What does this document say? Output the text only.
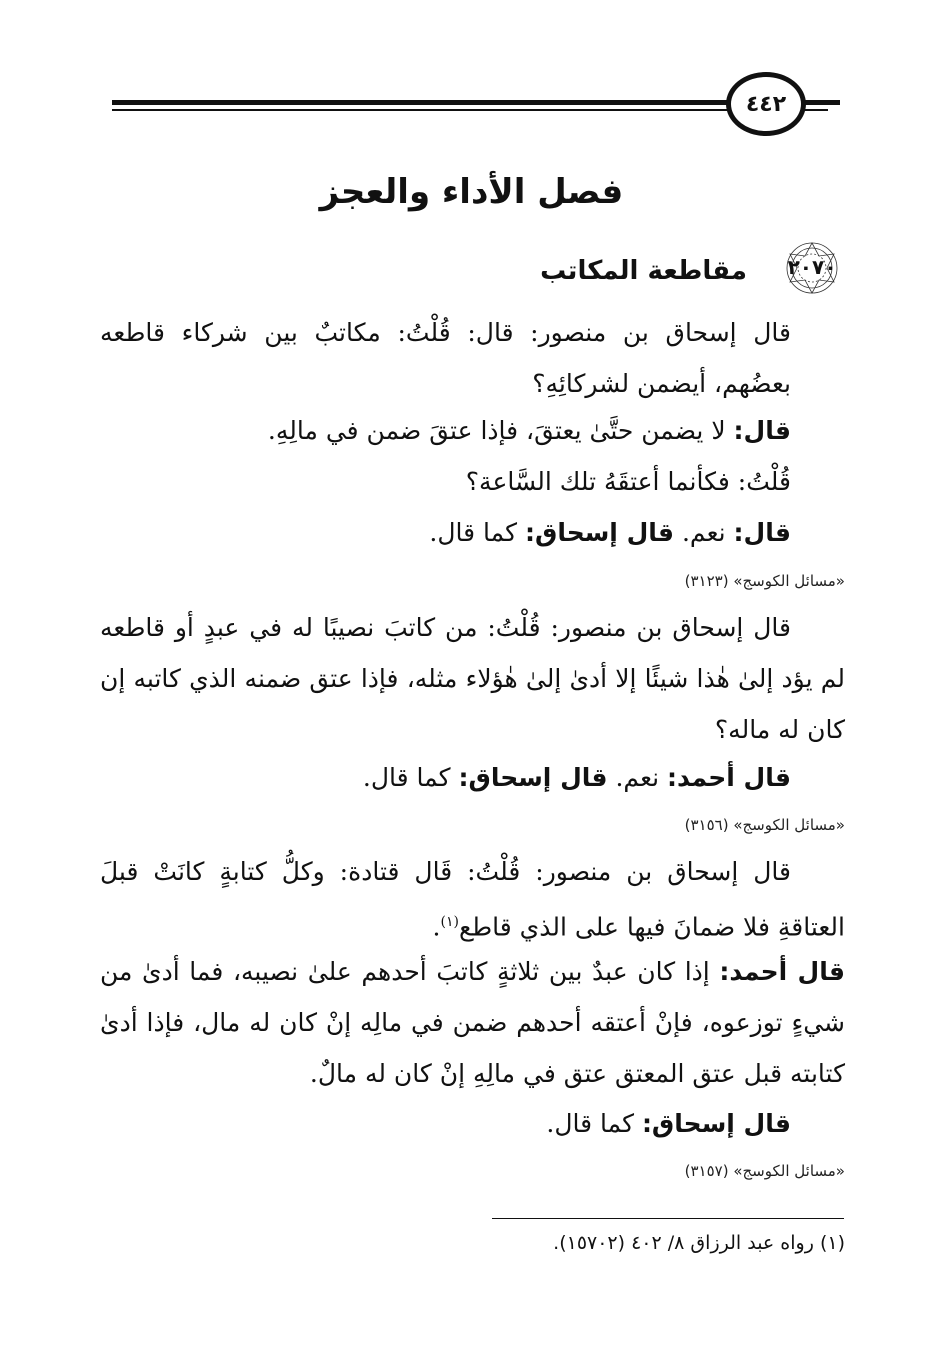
٤٤٢
فصل الأداء والعجز
٢٠٧٠
مقاطعة المكاتب

قال إسحاق بن منصور: قال: قُلْتُ: مكاتبٌ بين شركاء قاطعه بعضُهم، أيضمن لشركائِهِ؟

قال: لا يضمن حتَّىٰ يعتقَ، فإذا عتقَ ضمن في مالِهِ.
قُلْتُ: فكأنما أعتقَهُ تلك السَّاعة؟
قال: نعم. قال إسحاق: كما قال.
«مسائل الكوسج» (٣١٢٣)

قال إسحاق بن منصور: قُلْتُ: من كاتبَ نصيبًا له في عبدٍ أو قاطعه لم يؤد إلىٰ هٰذا شيئًا إلا أدىٰ إلىٰ هٰؤلاء مثله، فإذا عتق ضمنه الذي كاتبه إن كان له ماله؟

قال أحمد: نعم. قال إسحاق: كما قال.
«مسائل الكوسج» (٣١٥٦)

قال إسحاق بن منصور: قُلْتُ: قَال قتادة: وكلُّ كتابةٍ كانَتْ قبلَ العتاقةِ فلا ضمانَ فيها على الذي قاطع$^{(١)}$.

قال أحمد: إذا كان عبدٌ بين ثلاثةٍ كاتبَ أحدهم علىٰ نصيبه، فما أدىٰ من شيءٍ توزعوه، فإنْ أعتقه أحدهم ضمن في مالِه إنْ كان له مال، فإذا أدىٰ كتابته قبل عتق المعتق عتق في مالِهِ إنْ كان له مالٌ.

قال إسحاق: كما قال.
«مسائل الكوسج» (٣١٥٧)
(١) رواه عبد الرزاق ٨/ ٤٠٢ (١٥٧٠٢).
